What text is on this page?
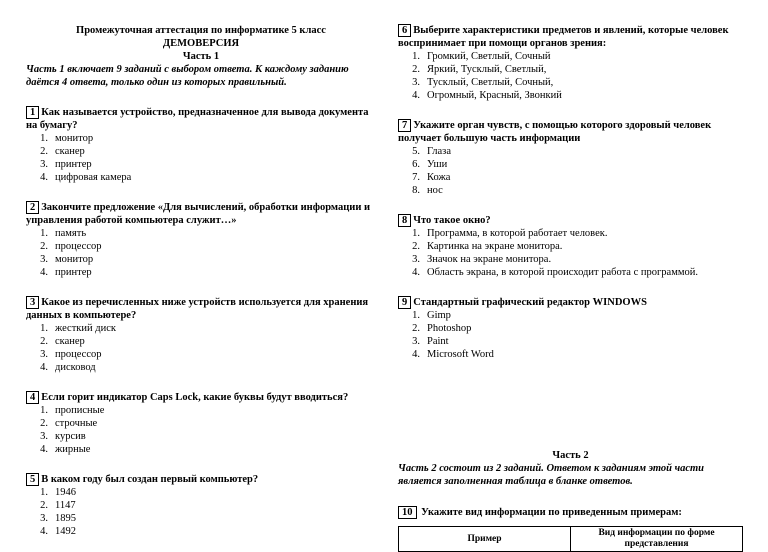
Промежуточная аттестация по информатике 5 класс
ДЕМОВЕРСИЯ
Часть 1
Часть 1 включает 9 заданий с выбором ответа. К каждому заданию даётся 4 ответа, только один из которых правильный.
1 Как называется устройство, предназначенное для вывода документа на бумагу?
1. монитор
2. сканер
3. принтер
4. цифровая камера
2 Закончите предложение «Для вычислений, обработки информации и управления работой компьютера служит…»
1. память
2. процессор
3. монитор
4. принтер
3 Какое из перечисленных ниже устройств используется для хранения данных в компьютере?
1. жесткий диск
2. сканер
3. процессор
4. дисковод
4 Если горит индикатор Caps Lock, какие буквы будут вводиться?
1. прописные
2. строчные
3. курсив
4. жирные
5 В каком году был создан первый компьютер?
1. 1946
2. 1147
3. 1895
4. 1492
6 Выберите характеристики предметов и явлений, которые человек воспринимает при помощи органов зрения:
1. Громкий, Светлый, Сочный
2. Яркий, Тусклый, Светлый,
3. Тусклый, Светлый, Сочный,
4. Огромный, Красный, Звонкий
7 Укажите орган чувств, с помощью которого здоровый человек получает большую часть информации
5. Глаза
6. Уши
7. Кожа
8. нос
8 Что такое окно?
1. Программа, в которой работает человек.
2. Картинка на экране монитора.
3. Значок на экране монитора.
4. Область экрана, в которой происходит работа с программой.
9 Стандартный графический редактор WINDOWS
1. Gimp
2. Photoshop
3. Paint
4. Microsoft Word
Часть 2
Часть 2 состоит из 2 заданий. Ответом к заданиям этой части является заполненная таблица в бланке ответов.
10 Укажите вид информации по приведенным примерам:
Пример	Вид информации по форме представления
